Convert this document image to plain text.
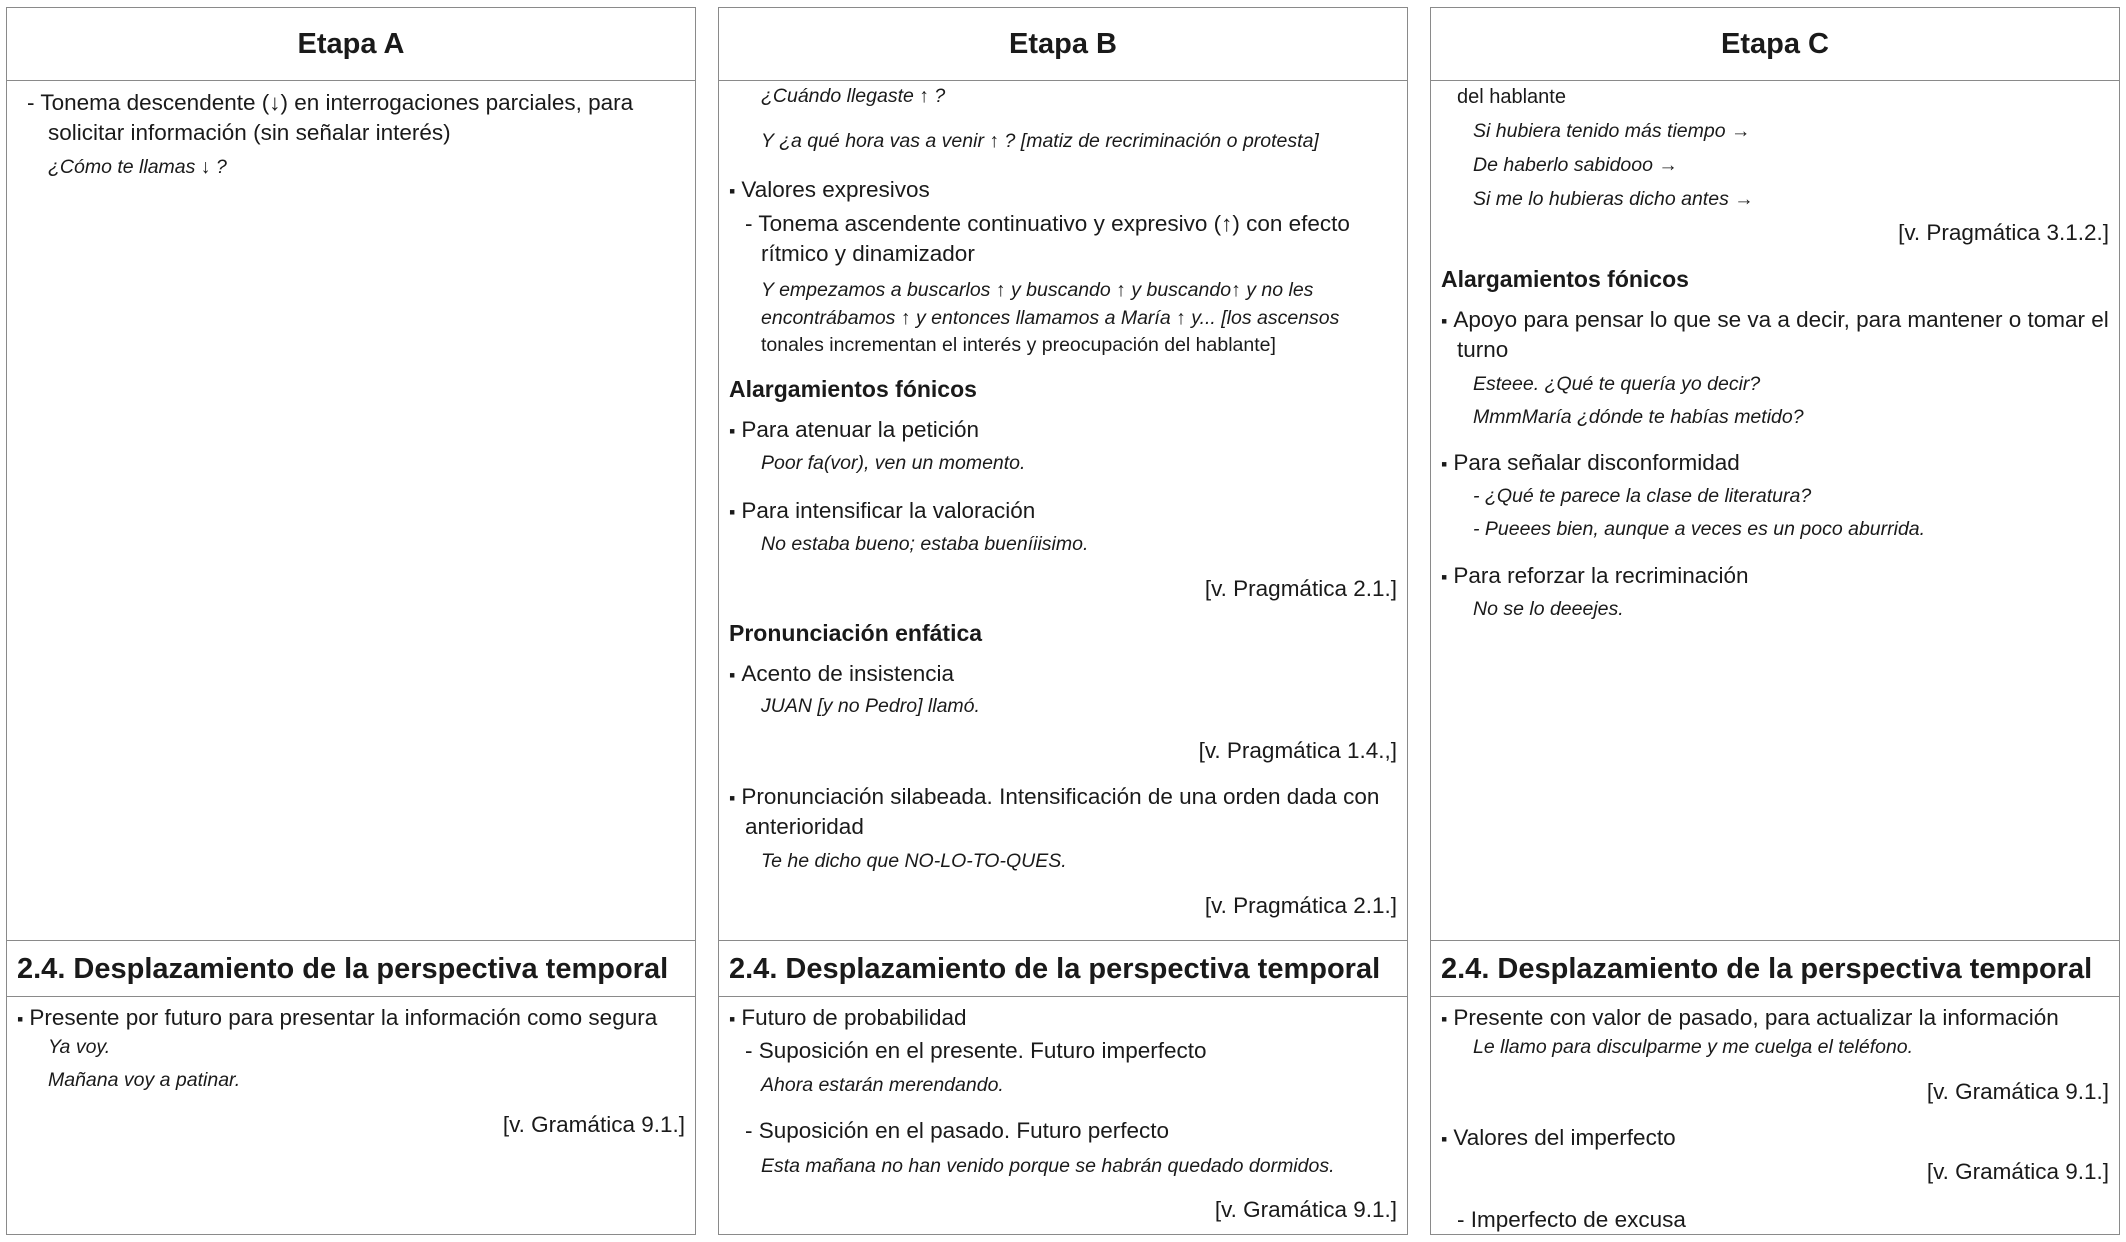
Etapa A
- Tonema descendente (↓) en interrogaciones parciales, para
solicitar información (sin señalar interés)
¿Cómo te llamas ↓ ?
2.4. Desplazamiento de la perspectiva temporal
▪ Presente por futuro para presentar la información como segura
Ya voy.
Mañana voy a patinar.
[v. Gramática 9.1.]
Etapa B
¿Cuándo llegaste ↑ ?
Y ¿a qué hora vas a venir ↑ ? [matiz de recriminación o protesta]
▪ Valores expresivos
- Tonema ascendente continuativo y expresivo (↑) con efecto
rítmico y dinamizador
Y empezamos a buscarlos ↑ y buscando ↑ y buscando↑ y no les
encontrábamos ↑ y entonces llamamos a María ↑ y... [los ascensos
tonales incrementan el interés y preocupación del hablante]
Alargamientos fónicos
▪ Para atenuar la petición
Poor fa(vor), ven un momento.
▪ Para intensificar la valoración
No estaba bueno; estaba bueníiisimo.
[v. Pragmática 2.1.]
Pronunciación enfática
▪ Acento de insistencia
JUAN [y no Pedro] llamó.
[v. Pragmática 1.4.,]
▪ Pronunciación silabeada. Intensificación de una orden dada con
anterioridad
Te he dicho que NO-LO-TO-QUES.
[v. Pragmática 2.1.]
2.4. Desplazamiento de la perspectiva temporal
▪ Futuro de probabilidad
- Suposición en el presente. Futuro imperfecto
Ahora estarán merendando.
- Suposición en el pasado. Futuro perfecto
Esta mañana no han venido porque se habrán quedado dormidos.
[v. Gramática 9.1.]
Etapa C
del hablante
Si hubiera tenido más tiempo →
De haberlo sabidooo →
Si me lo hubieras dicho antes →
[v. Pragmática 3.1.2.]
Alargamientos fónicos
▪ Apoyo para pensar lo que se va a decir, para mantener o tomar el
turno
Esteee. ¿Qué te quería yo decir?
MmmMaría ¿dónde te habías metido?
▪ Para señalar disconformidad
- ¿Qué te parece la clase de literatura?
- Pueees bien, aunque a veces es un poco aburrida.
▪ Para reforzar la recriminación
No se lo deeejes.
2.4. Desplazamiento de la perspectiva temporal
▪ Presente con valor de pasado, para actualizar la información
Le llamo para disculparme y me cuelga el teléfono.
[v. Gramática 9.1.]
▪ Valores del imperfecto
[v. Gramática 9.1.]
- Imperfecto de excusa
